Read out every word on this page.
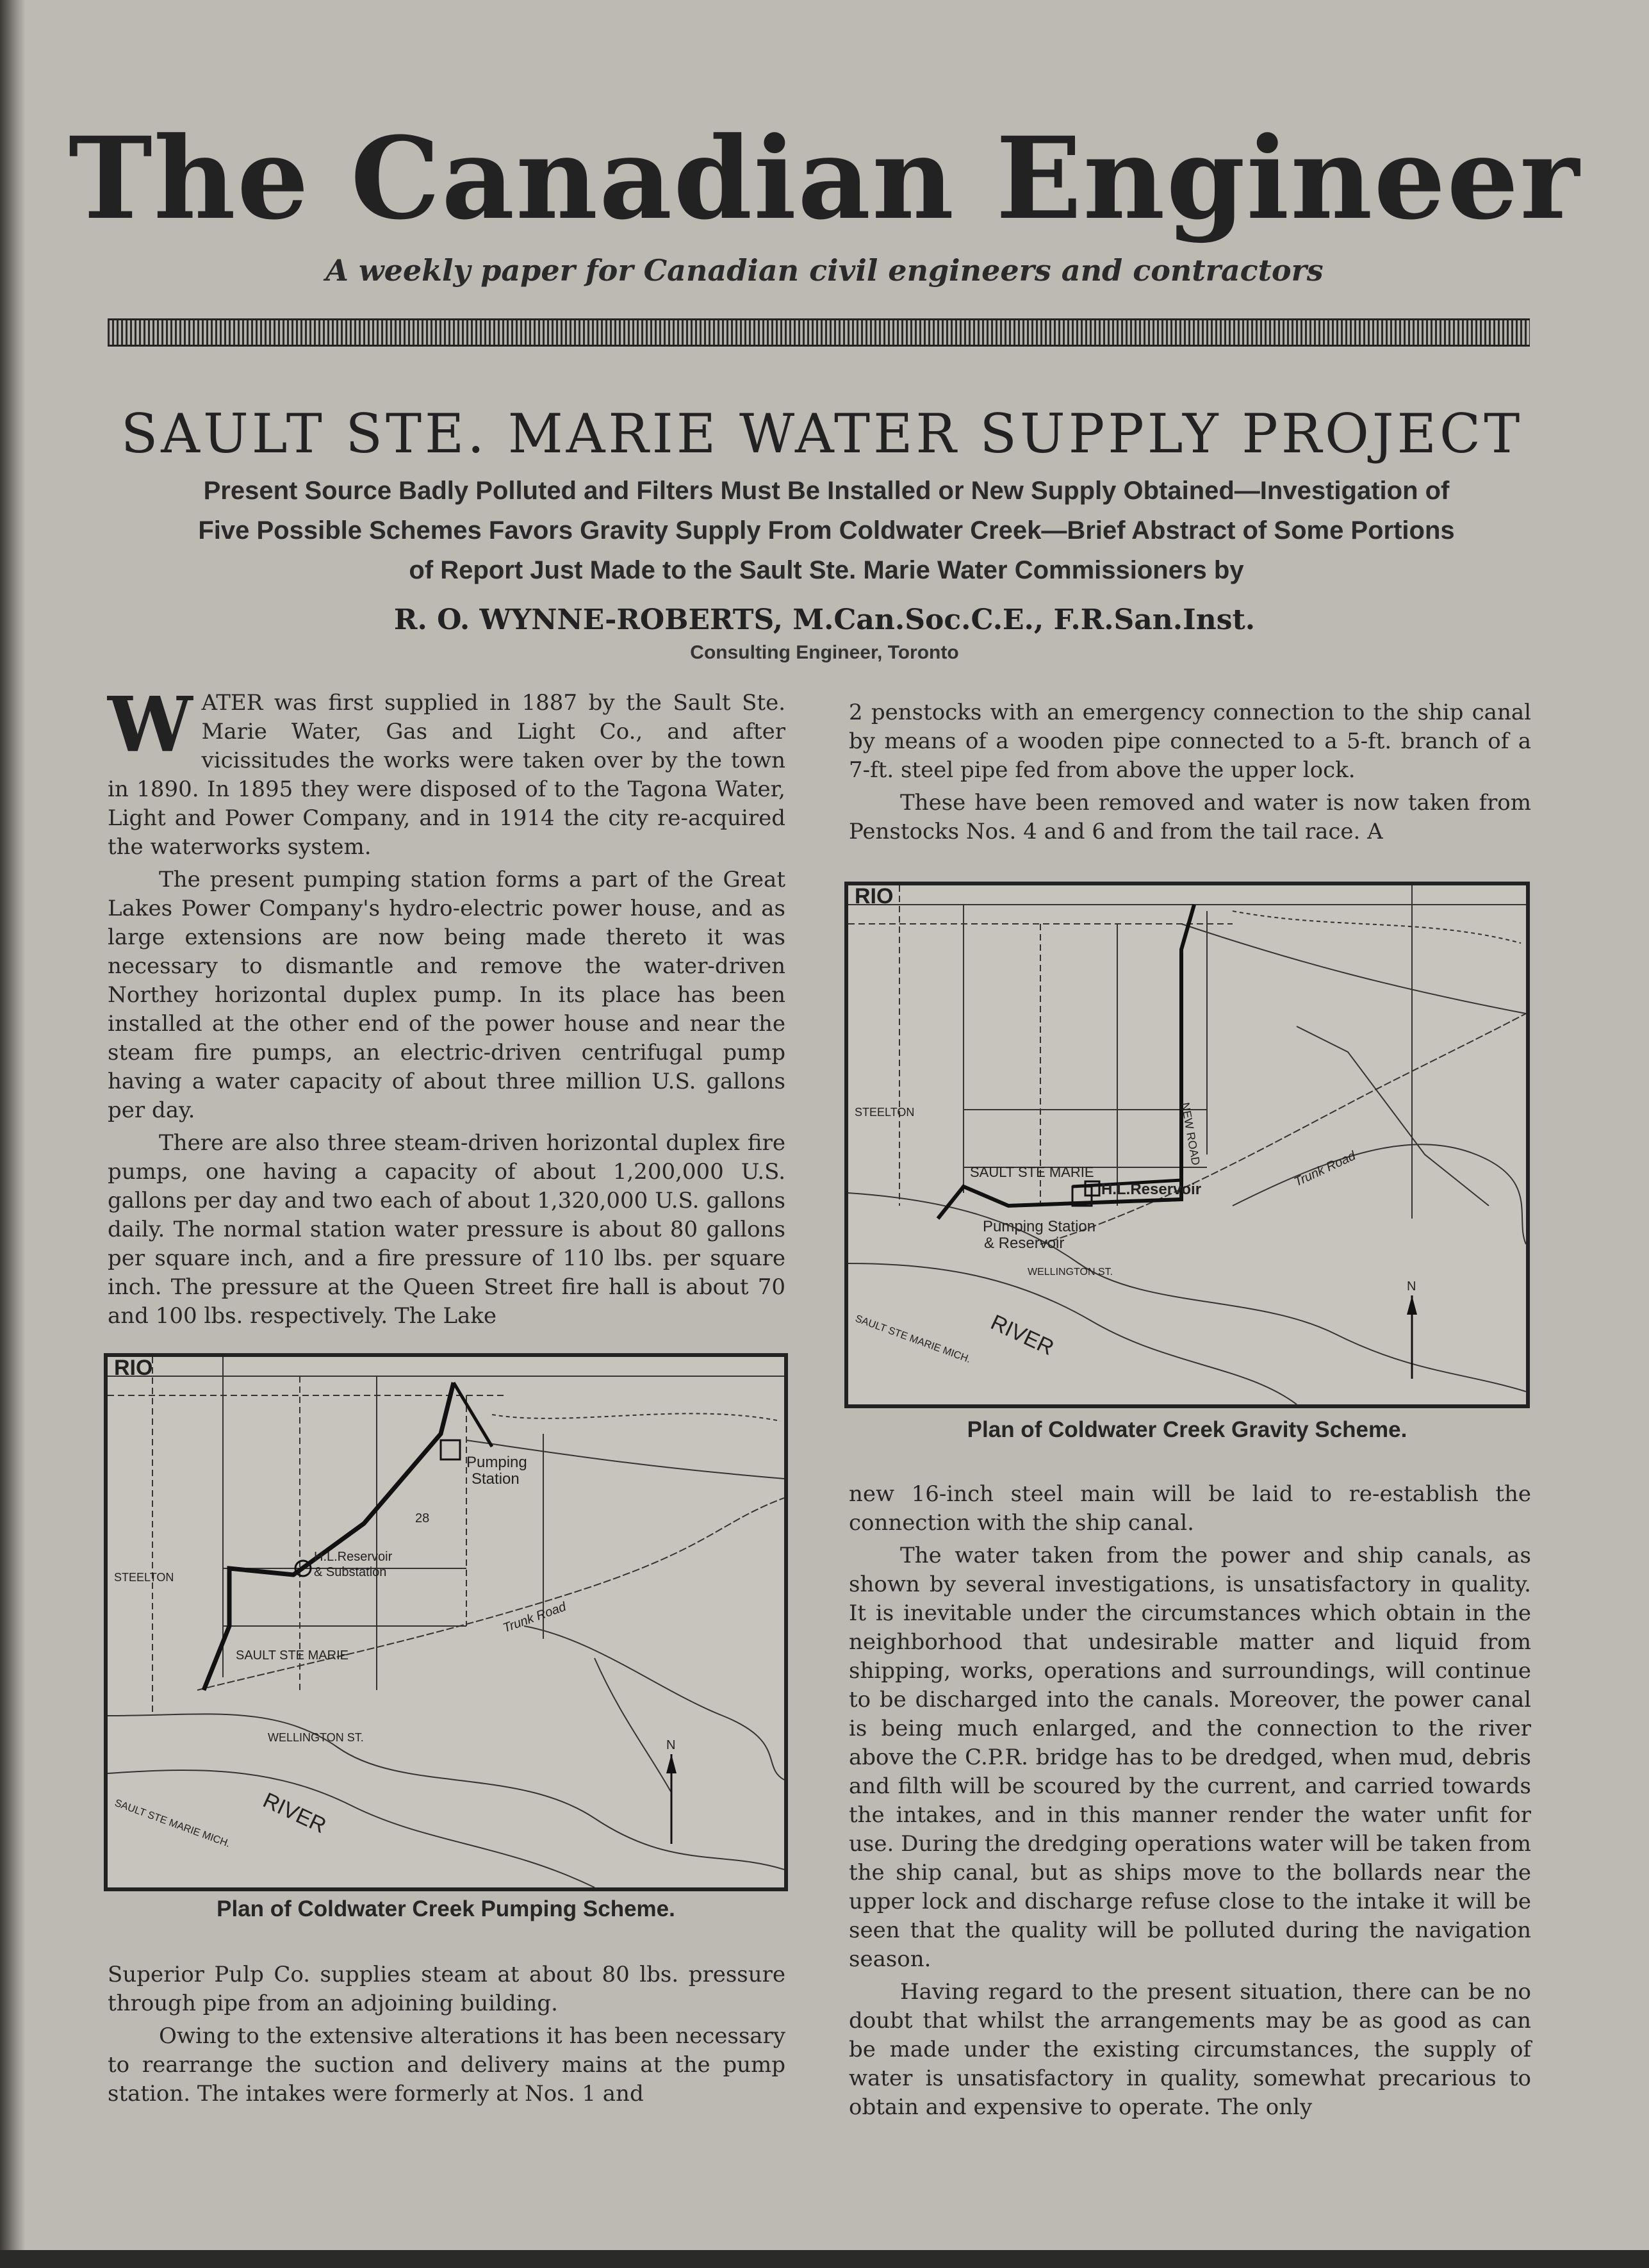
The Canadian Engineer
A weekly paper for Canadian civil engineers and contractors
SAULT STE. MARIE WATER SUPPLY PROJECT
Present Source Badly Polluted and Filters Must Be Installed or New Supply Obtained—Investigation of Five Possible Schemes Favors Gravity Supply From Coldwater Creek—Brief Abstract of Some Portions of Report Just Made to the Sault Ste. Marie Water Commissioners by
R. O. WYNNE-ROBERTS, M.Can.Soc.C.E., F.R.San.Inst.
Consulting Engineer, Toronto

WATER was first supplied in 1887 by the Sault Ste. Marie Water, Gas and Light Co., and after vicissitudes the works were taken over by the town in 1890. In 1895 they were disposed of to the Tagona Water, Light and Power Company, and in 1914 the city re-acquired the waterworks system.

The present pumping station forms a part of the Great Lakes Power Company's hydro-electric power house, and as large extensions are now being made thereto it was necessary to dismantle and remove the water-driven Northey horizontal duplex pump. In its place has been installed at the other end of the power house and near the steam fire pumps, an electric-driven centrifugal pump having a water capacity of about three million U.S. gallons per day.

There are also three steam-driven horizontal duplex fire pumps, one having a capacity of about 1,200,000 U.S. gallons per day and two each of about 1,320,000 U.S. gallons daily. The normal station water pressure is about 80 gallons per square inch, and a fire pressure of 110 lbs. per square inch. The pressure at the Queen Street fire hall is about 70 and 100 lbs. respectively. The Lake

RIO
Pumping
Station
H.L.Reservoir
& Substation
STEELTON
SAULT STE MARIE
28
WELLINGTON ST.
Trunk Road
RIVER
SAULT STE MARIE MICH.
N
Plan of Coldwater Creek Pumping Scheme.

Superior Pulp Co. supplies steam at about 80 lbs. pressure through pipe from an adjoining building.

Owing to the extensive alterations it has been necessary to rearrange the suction and delivery mains at the pump station. The intakes were formerly at Nos. 1 and

2 penstocks with an emergency connection to the ship canal by means of a wooden pipe connected to a 5-ft. branch of a 7-ft. steel pipe fed from above the upper lock.

These have been removed and water is now taken from Penstocks Nos. 4 and 6 and from the tail race. A

RIO
STEELTON
SAULT STE MARIE
H.L.Reservoir
Pumping Station
& Reservoir
WELLINGTON ST.
NEW ROAD
Trunk Road
RIVER
SAULT STE MARIE MICH.
N
Plan of Coldwater Creek Gravity Scheme.

new 16-inch steel main will be laid to re-establish the connection with the ship canal.

The water taken from the power and ship canals, as shown by several investigations, is unsatisfactory in quality. It is inevitable under the circumstances which obtain in the neighborhood that undesirable matter and liquid from shipping, works, operations and surroundings, will continue to be discharged into the canals. Moreover, the power canal is being much enlarged, and the connection to the river above the C.P.R. bridge has to be dredged, when mud, debris and filth will be scoured by the current, and carried towards the intakes, and in this manner render the water unfit for use. During the dredging operations water will be taken from the ship canal, but as ships move to the bollards near the upper lock and discharge refuse close to the intake it will be seen that the quality will be polluted during the navigation season.

Having regard to the present situation, there can be no doubt that whilst the arrangements may be as good as can be made under the existing circumstances, the supply of water is unsatisfactory in quality, somewhat precarious to obtain and expensive to operate. The only
